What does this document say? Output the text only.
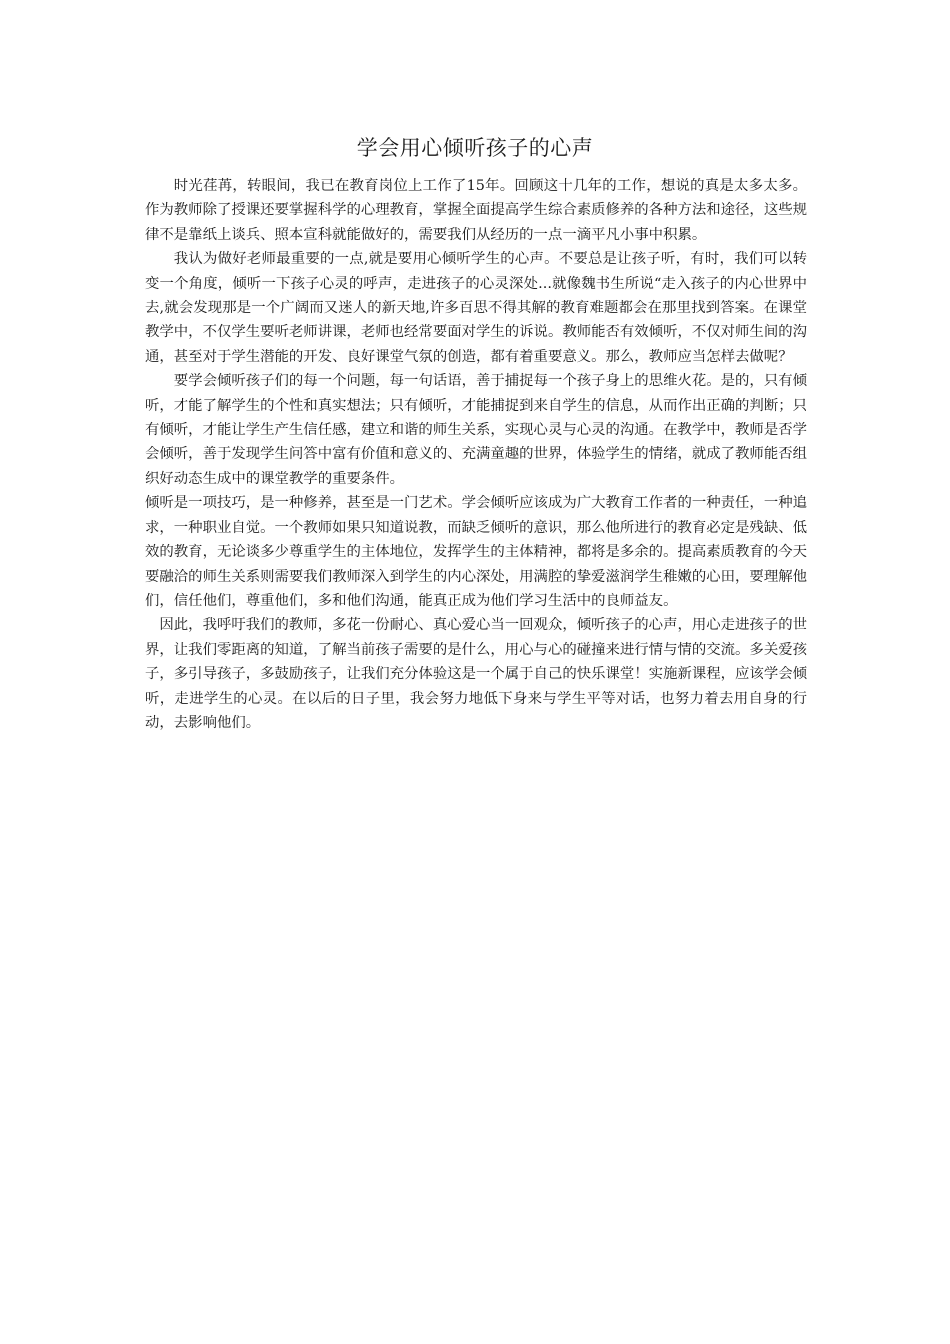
学会用心倾听孩子的心声

时光荏苒，转眼间，我已在教育岗位上工作了15年。回顾这十几年的工作，想说的真是太多太多。作为教师除了授课还要掌握科学的心理教育，掌握全面提高学生综合素质修养的各种方法和途径，这些规律不是靠纸上谈兵、照本宣科就能做好的，需要我们从经历的一点一滴平凡小事中积累。

我认为做好老师最重要的一点,就是要用心倾听学生的心声。不要总是让孩子听，有时，我们可以转变一个角度，倾听一下孩子心灵的呼声，走进孩子的心灵深处...就像魏书生所说“走入孩子的内心世界中去,就会发现那是一个广阔而又迷人的新天地,许多百思不得其解的教育难题都会在那里找到答案。在课堂教学中，不仅学生要听老师讲课，老师也经常要面对学生的诉说。教师能否有效倾听，不仅对师生间的沟通，甚至对于学生潜能的开发、良好课堂气氛的创造，都有着重要意义。那么，教师应当怎样去做呢？

要学会倾听孩子们的每一个问题，每一句话语，善于捕捉每一个孩子身上的思维火花。是的，只有倾听，才能了解学生的个性和真实想法；只有倾听，才能捕捉到来自学生的信息，从而作出正确的判断；只有倾听，才能让学生产生信任感，建立和谐的师生关系，实现心灵与心灵的沟通。在教学中，教师是否学会倾听，善于发现学生问答中富有价值和意义的、充满童趣的世界，体验学生的情绪，就成了教师能否组织好动态生成中的课堂教学的重要条件。

倾听是一项技巧，是一种修养，甚至是一门艺术。学会倾听应该成为广大教育工作者的一种责任，一种追求，一种职业自觉。一个教师如果只知道说教，而缺乏倾听的意识，那么他所进行的教育必定是残缺、低效的教育，无论谈多少尊重学生的主体地位，发挥学生的主体精神，都将是多余的。提高素质教育的今天要融洽的师生关系则需要我们教师深入到学生的内心深处，用满腔的挚爱滋润学生稚嫩的心田，要理解他们，信任他们，尊重他们，多和他们沟通，能真正成为他们学习生活中的良师益友。

因此，我呼吁我们的教师，多花一份耐心、真心爱心当一回观众，倾听孩子的心声，用心走进孩子的世界，让我们零距离的知道，了解当前孩子需要的是什么，用心与心的碰撞来进行情与情的交流。多关爱孩子，多引导孩子，多鼓励孩子，让我们充分体验这是一个属于自己的快乐课堂！实施新课程，应该学会倾听，走进学生的心灵。在以后的日子里，我会努力地低下身来与学生平等对话，也努力着去用自身的行动，去影响他们。
